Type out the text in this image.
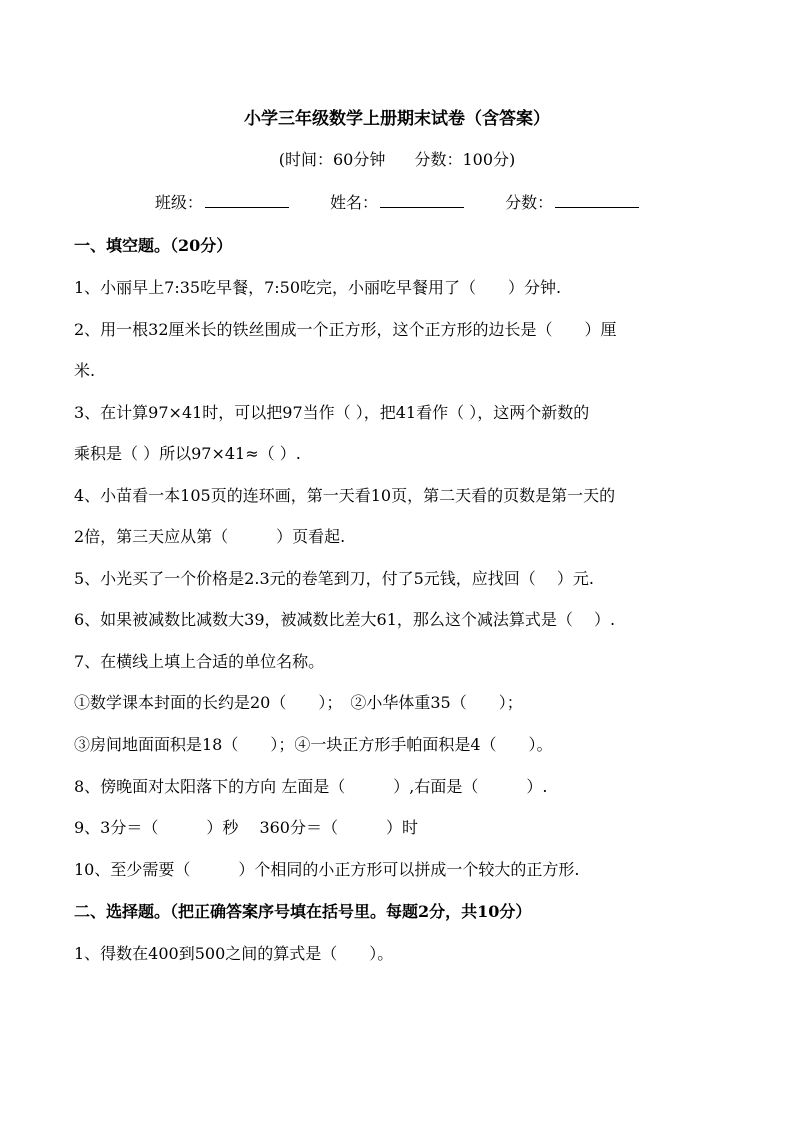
小学三年级数学上册期末试卷（含答案）
(时间：60分钟 分数：100分)
班级：	姓名：	分数：
一、填空题。（20分）
1、小丽早上7:35吃早餐，7:50吃完，小丽吃早餐用了（　　）分钟.
2、用一根32厘米长的铁丝围成一个正方形，这个正方形的边长是（　　）厘
米.
3、在计算97×41时，可以把97当作（ ），把41看作（ ），这两个新数的
乘积是（ ）所以97×41≈（ ）.
4、小苗看一本105页的连环画，第一天看10页，第二天看的页数是第一天的
2倍，第三天应从第（　　　）页看起.
5、小光买了一个价格是2.3元的卷笔到刀，付了5元钱，应找回（　 ）元.
6、如果被减数比减数大39，被减数比差大61，那么这个减法算式是（　 ）.
7、在横线上填上合适的单位名称。
①数学课本封面的长约是20（　　）；　②小华体重35（　　）；
③房间地面面积是18（　　）；④一块正方形手帕面积是4（　　）。
8、傍晚面对太阳落下的方向 左面是（　　　）,右面是（　　　）.
9、3分＝（　　　）秒　 360分＝（　　　）时
10、至少需要（　　　）个相同的小正方形可以拼成一个较大的正方形.
二、选择题。（把正确答案序号填在括号里。每题2分，共10分）
1、得数在400到500之间的算式是（　　）。
